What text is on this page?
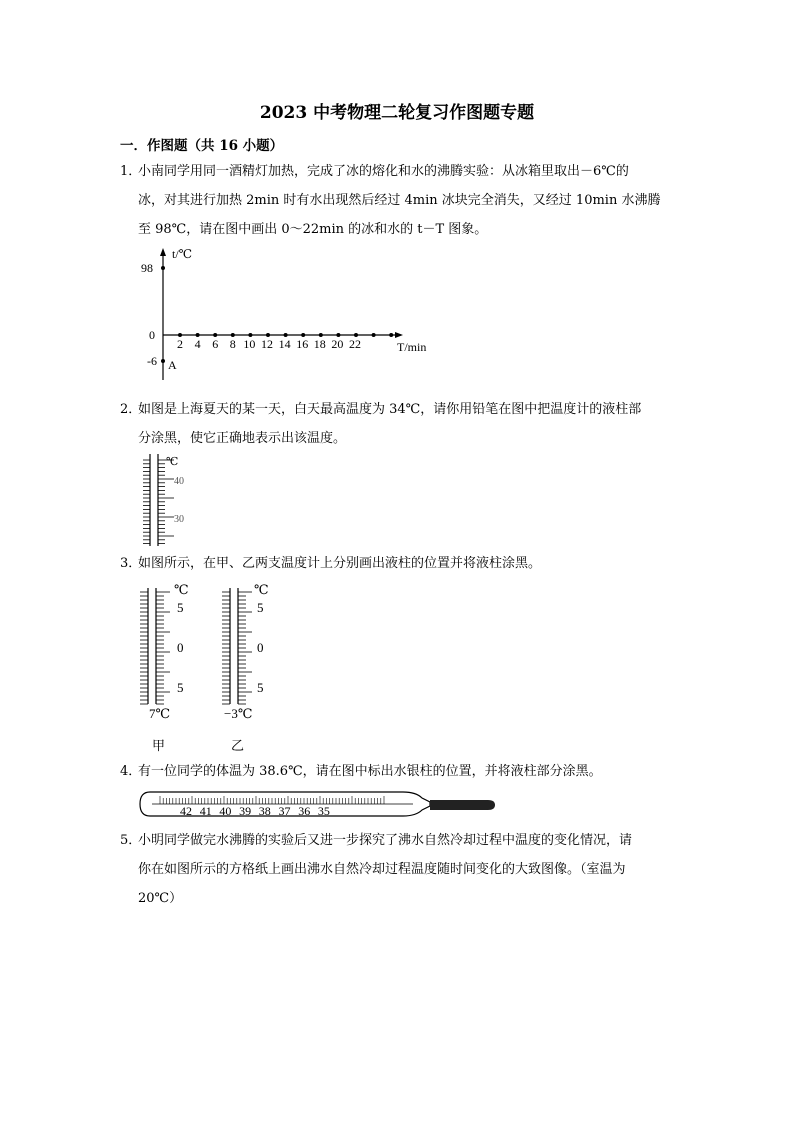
2023 中考物理二轮复习作图题专题
一．作图题（共 16 小题）
1．小南同学用同一酒精灯加热，完成了冰的熔化和水的沸腾实验：从冰箱里取出－6℃的
冰，对其进行加热 2min 时有水出现然后经过 4min 冰块完全消失，又经过 10min 水沸腾
至 98℃，请在图中画出 0～22min 的冰和水的 t－T 图象。
t/℃
98
0
-6 A
T/min
2 4 6 8 10 12 14 16 18 20 22
2．如图是上海夏天的某一天，白天最高温度为 34℃，请你用铅笔在图中把温度计的液柱部
分涂黑，使它正确地表示出该温度。
℃
40
30
3．如图所示，在甲、乙两支温度计上分别画出液柱的位置并将液柱涂黑。
℃
5
0
5
7℃
甲
℃
5
0
5
−3℃
乙
4．有一位同学的体温为 38.6℃，请在图中标出水银柱的位置，并将液柱部分涂黑。
42 41 40 39 38 37 36 35
5．小明同学做完水沸腾的实验后又进一步探究了沸水自然冷却过程中温度的变化情况，请
你在如图所示的方格纸上画出沸水自然冷却过程温度随时间变化的大致图像。（室温为
20℃）
